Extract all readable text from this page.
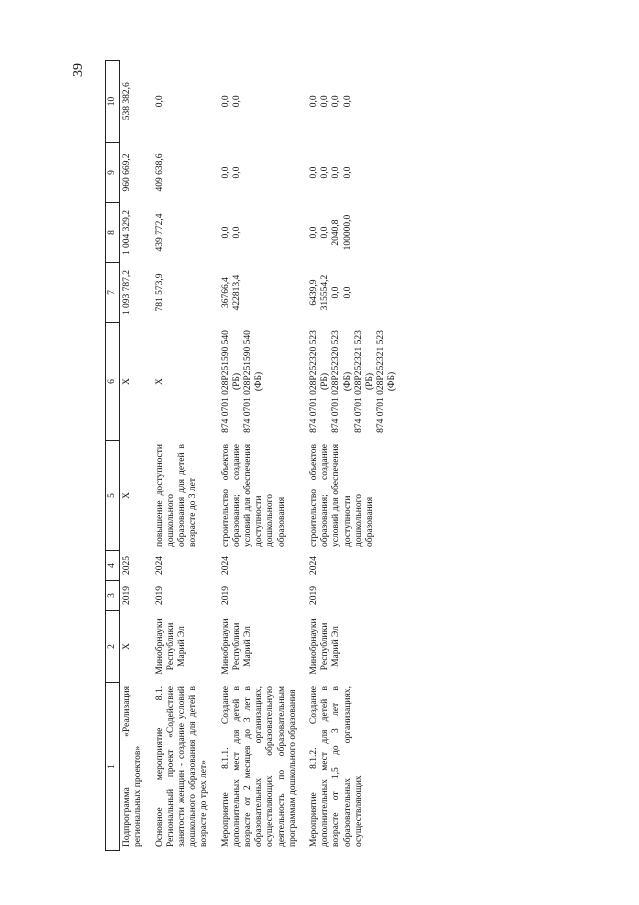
39
1	2	3	4	5	6	7	8	9	10
Подпрограмма «Реализация региональных проектов»	X	2019	2025	X	X	1 093 787,2	1 004 329,2	960 669,2	538 382,6

Основное мероприятие 8.1. Региональный проект «Содействие занятости женщин - создание условий дошкольного образования для детей в возрасте до трех лет»	Минобрнауки Республики Марий Эл	2019	2024	повышение доступности дошкольного образования для детей в возрасте до 3 лет	X	781 573,9	439 772,4	409 638,6	0,0

Мероприятие 8.1.1. Создание дополнительных мест для детей в возрасте от 2 месяцев до 3 лет в образовательных организациях, осуществляющих образовательную деятельность по образовательным программам дошкольного образования	Минобрнауки Республики Марий Эл	2019	2024	строительство объектов образования; создание условий для обеспечения доступности дошкольного образования	874 0701 028P251590 540 (РБ) 874 0701 028P251590 540 (ФБ)	36766,4 422813,4	0,0 0,0	0,0 0,0	0,0 0,0

Мероприятие 8.1.2. Создание дополнительных мест для детей в возрасте от 1,5 до 3 лет в образовательных организациях, осуществляющих	Минобрнауки Республики Марий Эл	2019	2024	строительство объектов образования; создание условий для обеспечения доступности дошкольного образования	874 0701 028P252320 523 (РБ) 874 0701 028P252320 523 (ФБ) 874 0701 028P252321 523 (РБ) 874 0701 028P252321 523 (ФБ)	6439,9 315554,2 0,0 0,0	0,0 0,0 2040,8 100000,0	0,0 0,0 0,0 0,0	0,0 0,0 0,0 0,0
